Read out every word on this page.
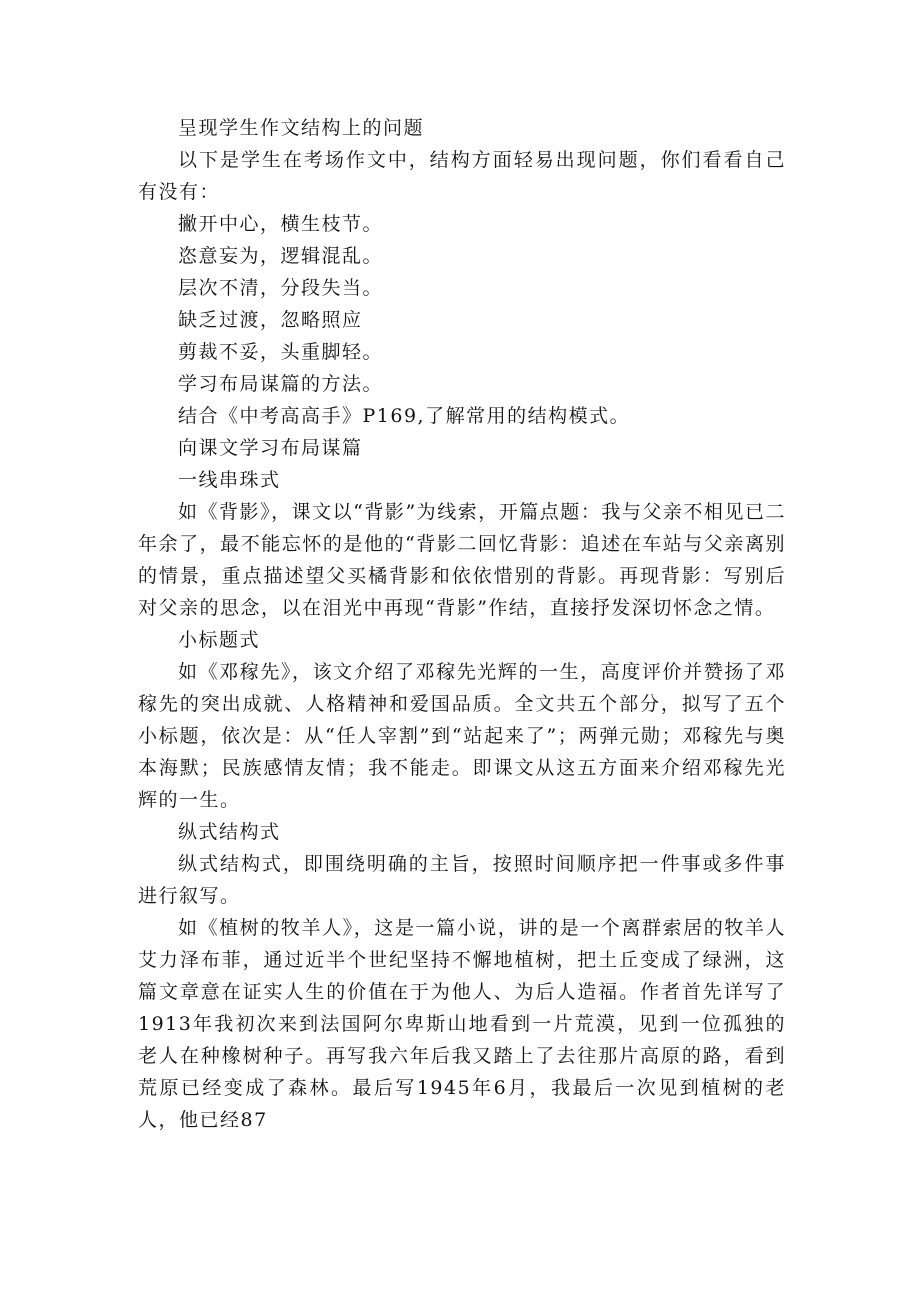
呈现学生作文结构上的问题

以下是学生在考场作文中，结构方面轻易出现问题，你们看看自己有没有：

撇开中心，横生枝节。

恣意妄为，逻辑混乱。

层次不清，分段失当。

缺乏过渡，忽略照应

剪裁不妥，头重脚轻。

学习布局谋篇的方法。

结合《中考高高手》P169,了解常用的结构模式。

向课文学习布局谋篇

一线串珠式

如《背影》，课文以“背影”为线索，开篇点题：我与父亲不相见已二年余了，最不能忘怀的是他的“背影二回忆背影：追述在车站与父亲离别的情景，重点描述望父买橘背影和依依惜别的背影。再现背影：写别后对父亲的思念，以在泪光中再现“背影”作结，直接抒发深切怀念之情。

小标题式

如《邓稼先》，该文介绍了邓稼先光辉的一生，高度评价并赞扬了邓稼先的突出成就、人格精神和爱国品质。全文共五个部分，拟写了五个小标题，依次是：从“任人宰割”到“站起来了”；两弹元勋；邓稼先与奥本海默；民族感情友情；我不能走。即课文从这五方面来介绍邓稼先光辉的一生。

纵式结构式

纵式结构式，即围绕明确的主旨，按照时间顺序把一件事或多件事进行叙写。

如《植树的牧羊人》，这是一篇小说，讲的是一个离群索居的牧羊人艾力泽布菲，通过近半个世纪坚持不懈地植树，把土丘变成了绿洲，这篇文章意在证实人生的价值在于为他人、为后人造福。作者首先详写了1913年我初次来到法国阿尔卑斯山地看到一片荒漠，见到一位孤独的老人在种橡树种子。再写我六年后我又踏上了去往那片高原的路，看到荒原已经变成了森林。最后写1945年6月，我最后一次见到植树的老人，他已经87
